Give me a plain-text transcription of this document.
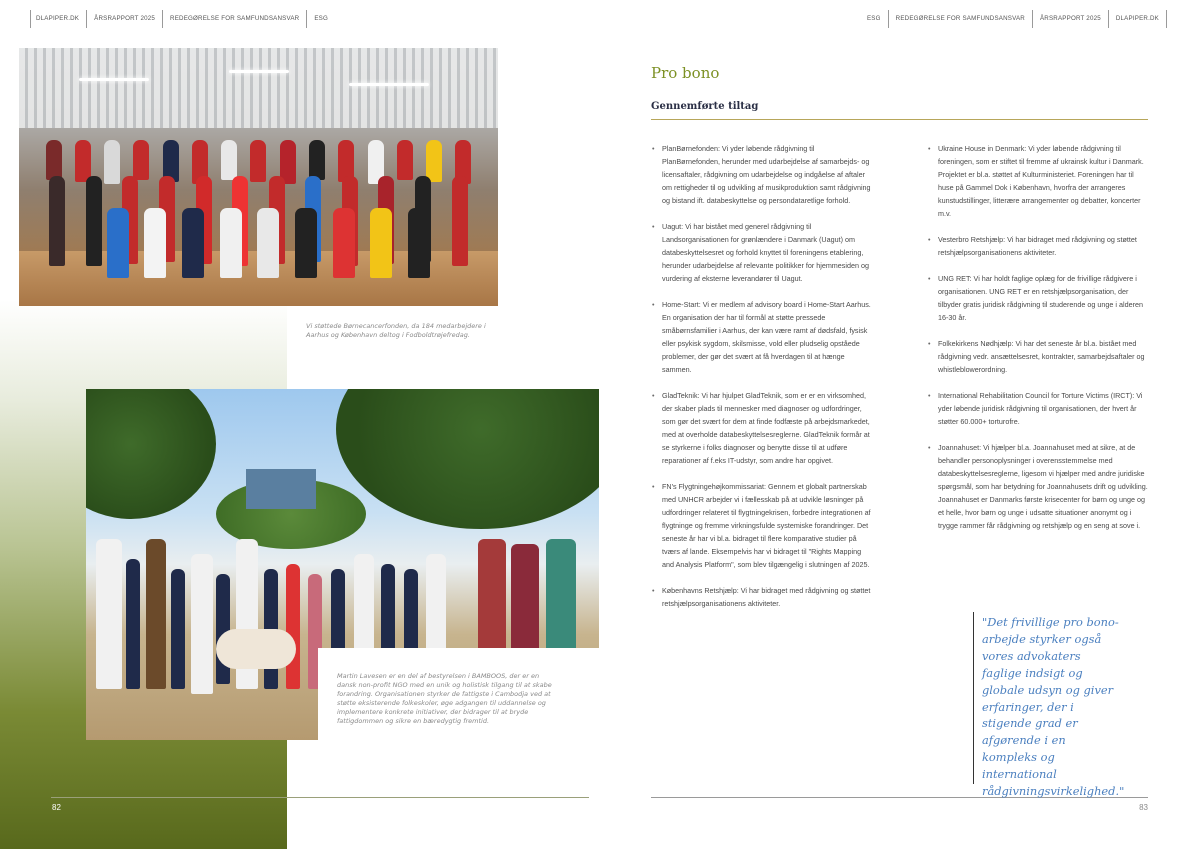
DLAPIPER.DK	ÅRSRAPPORT 2025	REDEGØRELSE FOR SAMFUNDSANSVAR	ESG	ESG	REDEGØRELSE FOR SAMFUNDSANSVAR	ÅRSRAPPORT 2025	DLAPIPER.DK
Vi støttede Børnecancerfonden, da 184 medarbejdere i Aarhus og København deltog i Fodboldtrøjefredag.
Martin Lavesen er en del af bestyrelsen i BAMBOOS, der er en dansk non-profit NGO med en unik og holistisk tilgang til at skabe forandring. Organisationen styrker de fattigste i Cambodja ved at støtte eksisterende folkeskoler, øge adgangen til uddannelse og implementere konkrete initiativer, der bidrager til at bryde fattigdommen og sikre en bæredygtig fremtid.
82	83
Pro bono
Gennemførte tiltag
• PlanBørnefonden: Vi yder løbende rådgivning til PlanBørnefonden, herunder med udarbejdelse af samarbejds- og licensaftaler, rådgivning om udarbejdelse og indgåelse af aftaler om rettigheder til og udvikling af musikproduktion samt rådgivning og bistand ift. databeskyttelse og persondataretlige forhold.
• Uagut: Vi har bistået med generel rådgivning til Landsorganisationen for grønlændere i Danmark (Uagut) om databeskyttelsesret og forhold knyttet til foreningens etablering, herunder udarbejdelse af relevante politikker for hjemmesiden og vurdering af eksterne leverandører til Uagut.
• Home-Start: Vi er medlem af advisory board i Home-Start Aarhus. En organisation der har til formål at støtte pressede småbørnsfamilier i Aarhus, der kan være ramt af dødsfald, fysisk eller psykisk sygdom, skilsmisse, vold eller pludselig opståede problemer, der gør det svært at få hverdagen til at hænge sammen.
• GladTeknik: Vi har hjulpet GladTeknik, som er er en virksomhed, der skaber plads til mennesker med diagnoser og udfordringer, som gør det svært for dem at finde fodfæste på arbejdsmarkedet, med at overholde databeskyttelsesreglerne. GladTeknik formår at se styrkerne i folks diagnoser og benytte disse til at udføre reparationer af f.eks IT-udstyr, som andre har opgivet.
• FN's Flygtningehøjkommissariat: Gennem et globalt partnerskab med UNHCR arbejder vi i fællesskab på at udvikle løsninger på udfordringer relateret til flygtningekrisen, forbedre integrationen af flygtninge og fremme virkningsfulde systemiske forandringer. Det seneste år har vi bl.a. bidraget til flere komparative studier på tværs af lande. Eksempelvis har vi bidraget til "Rights Mapping and Analysis Platform", som blev tilgængelig i slutningen af 2025.
• Københavns Retshjælp: Vi har bidraget med rådgivning og støttet retshjælpsorganisationens aktiviteter.
• Ukraine House in Denmark: Vi yder løbende rådgivning til foreningen, som er stiftet til fremme af ukrainsk kultur i Danmark. Projektet er bl.a. støttet af Kulturministeriet. Foreningen har til huse på Gammel Dok i København, hvorfra der arrangeres kunstudstillinger, litterære arrangementer og debatter, koncerter m.v.
• Vesterbro Retshjælp: Vi har bidraget med rådgivning og støttet retshjælpsorganisationens aktiviteter.
• UNG RET: Vi har holdt faglige oplæg for de frivillige rådgivere i organisationen. UNG RET er en retshjælpsorganisation, der tilbyder gratis juridisk rådgivning til studerende og unge i alderen 16-30 år.
• Folkekirkens Nødhjælp: Vi har det seneste år bl.a. bistået med rådgivning vedr. ansættelsesret, kontrakter, samarbejdsaftaler og whistleblowerordning.
• International Rehabilitation Council for Torture Victims (IRCT): Vi yder løbende juridisk rådgivning til organisationen, der hvert år støtter 60.000+ torturofre.
• Joannahuset: Vi hjælper bl.a. Joannahuset med at sikre, at de behandler personoplysninger i overensstemmelse med databeskyttelsesreglerne, ligesom vi hjælper med andre juridiske spørgsmål, som har betydning for Joannahusets drift og udvikling. Joannahuset er Danmarks første krisecenter for børn og unge og et helle, hvor børn og unge i udsatte situationer anonymt og i trygge rammer får rådgivning og retshjælp og en seng at sove i.
"Det frivillige pro bono-arbejde styrker også vores advokaters faglige indsigt og globale udsyn og giver erfaringer, der i stigende grad er afgørende i en kompleks og international rådgivningsvirkelighed."
